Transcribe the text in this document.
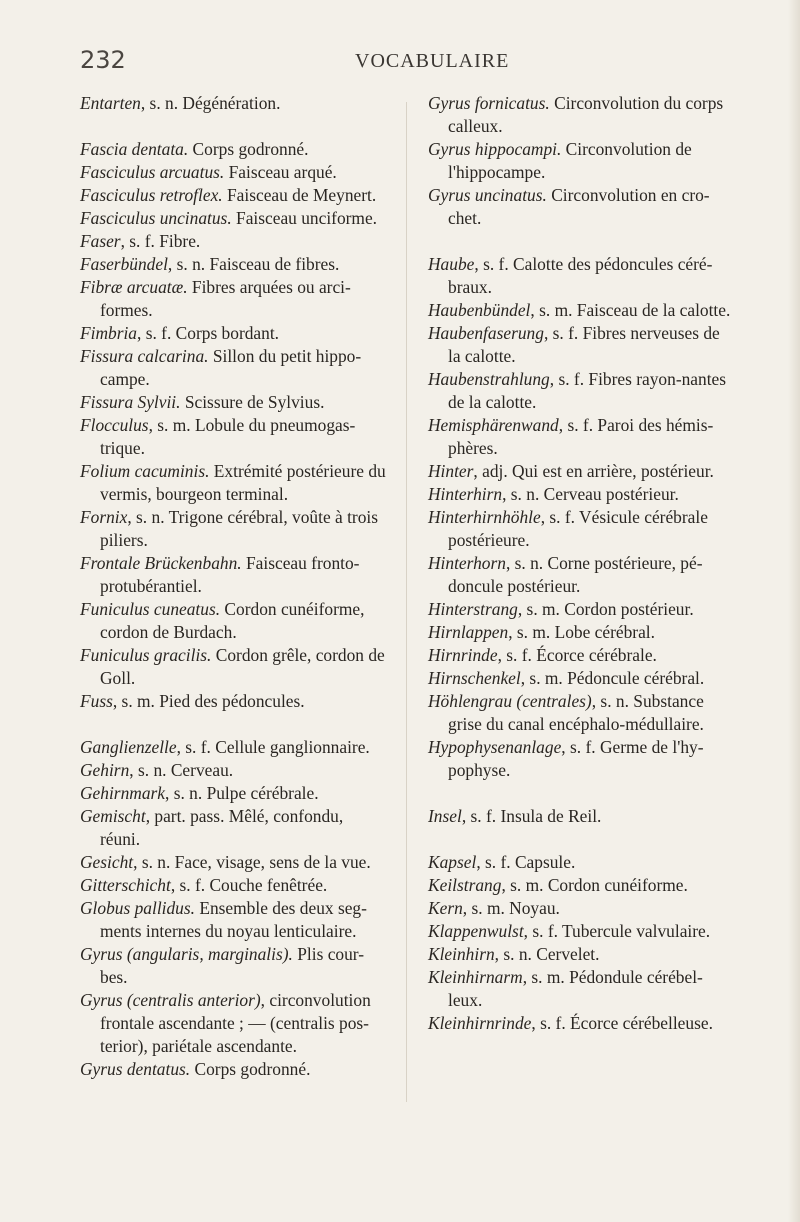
232	VOCABULAIRE
Entarten, s. n. Dégénération.
Fascia dentata. Corps godronné.
Fasciculus arcuatus. Faisceau arqué.
Fasciculus retroflex. Faisceau de Meynert.
Fasciculus uncinatus. Faisceau unciforme.
Faser, s. f. Fibre.
Faserbündel, s. n. Faisceau de fibres.
Fibræ arcuatæ. Fibres arquées ou arci-formes.
Fimbria, s. f. Corps bordant.
Fissura calcarina. Sillon du petit hippo-campe.
Fissura Sylvii. Scissure de Sylvius.
Flocculus, s. m. Lobule du pneumogas-trique.
Folium cacuminis. Extrémité postérieure du vermis, bourgeon terminal.
Fornix, s. n. Trigone cérébral, voûte à trois piliers.
Frontale Brückenbahn. Faisceau fronto-protubérantiel.
Funiculus cuneatus. Cordon cunéiforme, cordon de Burdach.
Funiculus gracilis. Cordon grêle, cordon de Goll.
Fuss, s. m. Pied des pédoncules.
Ganglienzelle, s. f. Cellule ganglionnaire.
Gehirn, s. n. Cerveau.
Gehirnmark, s. n. Pulpe cérébrale.
Gemischt, part. pass. Mêlé, confondu, réuni.
Gesicht, s. n. Face, visage, sens de la vue.
Gitterschicht, s. f. Couche fenêtrée.
Globus pallidus. Ensemble des deux seg-ments internes du noyau lenticulaire.
Gyrus (angularis, marginalis). Plis cour-bes.
Gyrus (centralis anterior), circonvolution frontale ascendante ; — (centralis pos-terior), pariétale ascendante.
Gyrus dentatus. Corps godronné.
Gyrus fornicatus. Circonvolution du corps calleux.
Gyrus hippocampi. Circonvolution de l'hippocampe.
Gyrus uncinatus. Circonvolution en cro-chet.
Haube, s. f. Calotte des pédoncules céré-braux.
Haubenbündel, s. m. Faisceau de la calotte.
Haubenfaserung, s. f. Fibres nerveuses de la calotte.
Haubenstrahlung, s. f. Fibres rayon-nantes de la calotte.
Hemisphärenwand, s. f. Paroi des hémis-phères.
Hinter, adj. Qui est en arrière, postérieur.
Hinterhirn, s. n. Cerveau postérieur.
Hinterhirnhöhle, s. f. Vésicule cérébrale postérieure.
Hinterhorn, s. n. Corne postérieure, pé-doncule postérieur.
Hinterstrang, s. m. Cordon postérieur.
Hirnlappen, s. m. Lobe cérébral.
Hirnrinde, s. f. Écorce cérébrale.
Hirnschenkel, s. m. Pédoncule cérébral.
Höhlengrau (centrales), s. n. Substance grise du canal encéphalo-médullaire.
Hypophysenanlage, s. f. Germe de l'hy-pophyse.
Insel, s. f. Insula de Reil.
Kapsel, s. f. Capsule.
Keilstrang, s. m. Cordon cunéiforme.
Kern, s. m. Noyau.
Klappenwulst, s. f. Tubercule valvulaire.
Kleinhirn, s. n. Cervelet.
Kleinhirnarm, s. m. Pédondule cérébel-leux.
Kleinhirnrinde, s. f. Écorce cérébelleuse.
